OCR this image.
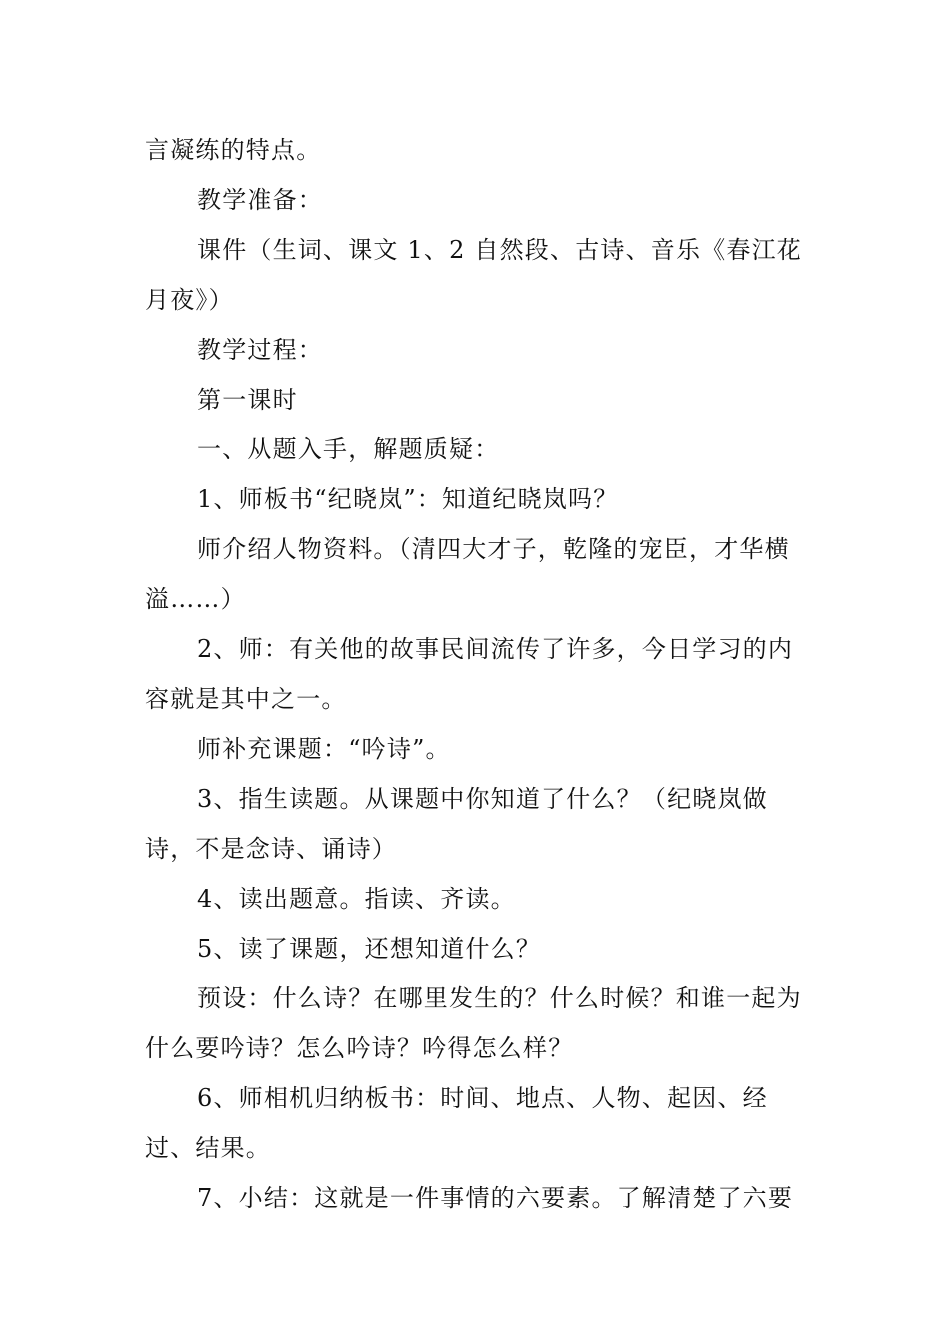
言凝练的特点。

教学准备：

课件（生词、课文 1、2 自然段、古诗、音乐《春江花月夜》）

教学过程：

第一课时

一、从题入手，解题质疑：

1、师板书“纪晓岚”：知道纪晓岚吗？

师介绍人物资料。（清四大才子，乾隆的宠臣，才华横溢……）

2、师：有关他的故事民间流传了许多，今日学习的内容就是其中之一。

师补充课题：“吟诗”。

3、指生读题。从课题中你知道了什么？（纪晓岚做诗，不是念诗、诵诗）

4、读出题意。指读、齐读。

5、读了课题，还想知道什么？

预设：什么诗？在哪里发生的？什么时候？和谁一起为什么要吟诗？怎么吟诗？吟得怎么样？

6、师相机归纳板书：时间、地点、人物、起因、经过、结果。

7、小结：这就是一件事情的六要素。了解清楚了六要
